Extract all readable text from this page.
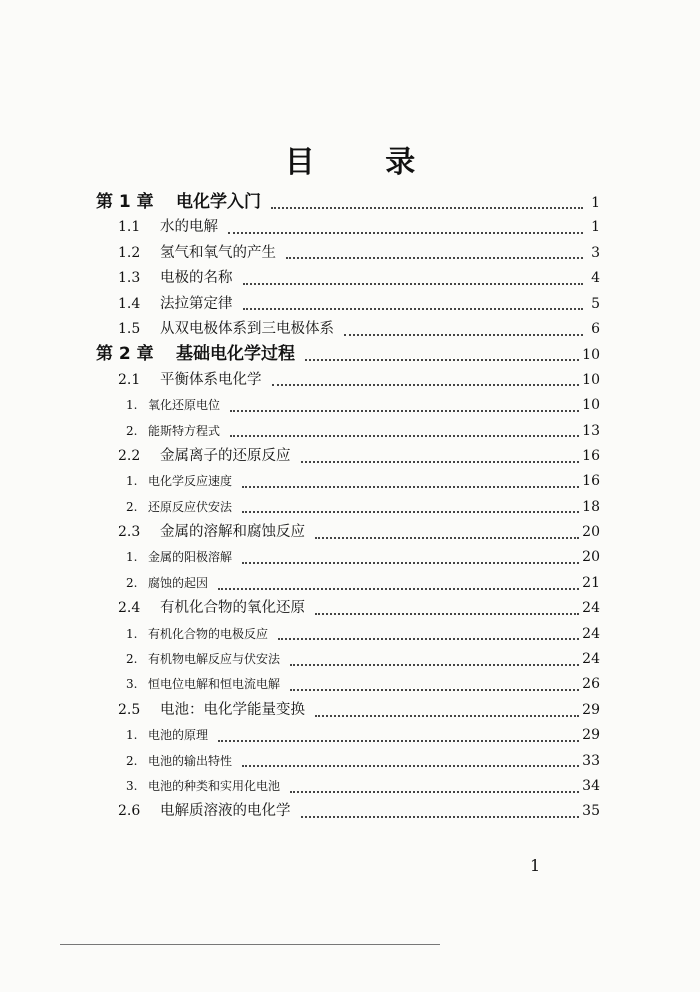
目 录
第 1 章	电化学入门	1
1.1	水的电解	1
1.2	氢气和氧气的产生	3
1.3	电极的名称	4
1.4	法拉第定律	5
1.5	从双电极体系到三电极体系	6
第 2 章	基础电化学过程	10
2.1	平衡体系电化学	10
1. 氧化还原电位	10
2. 能斯特方程式	13
2.2	金属离子的还原反应	16
1. 电化学反应速度	16
2. 还原反应伏安法	18
2.3	金属的溶解和腐蚀反应	20
1. 金属的阳极溶解	20
2. 腐蚀的起因	21
2.4	有机化合物的氧化还原	24
1. 有机化合物的电极反应	24
2. 有机物电解反应与伏安法	24
3. 恒电位电解和恒电流电解	26
2.5	电池：电化学能量变换	29
1. 电池的原理	29
2. 电池的输出特性	33
3. 电池的种类和实用化电池	34
2.6	电解质溶液的电化学	35
1
